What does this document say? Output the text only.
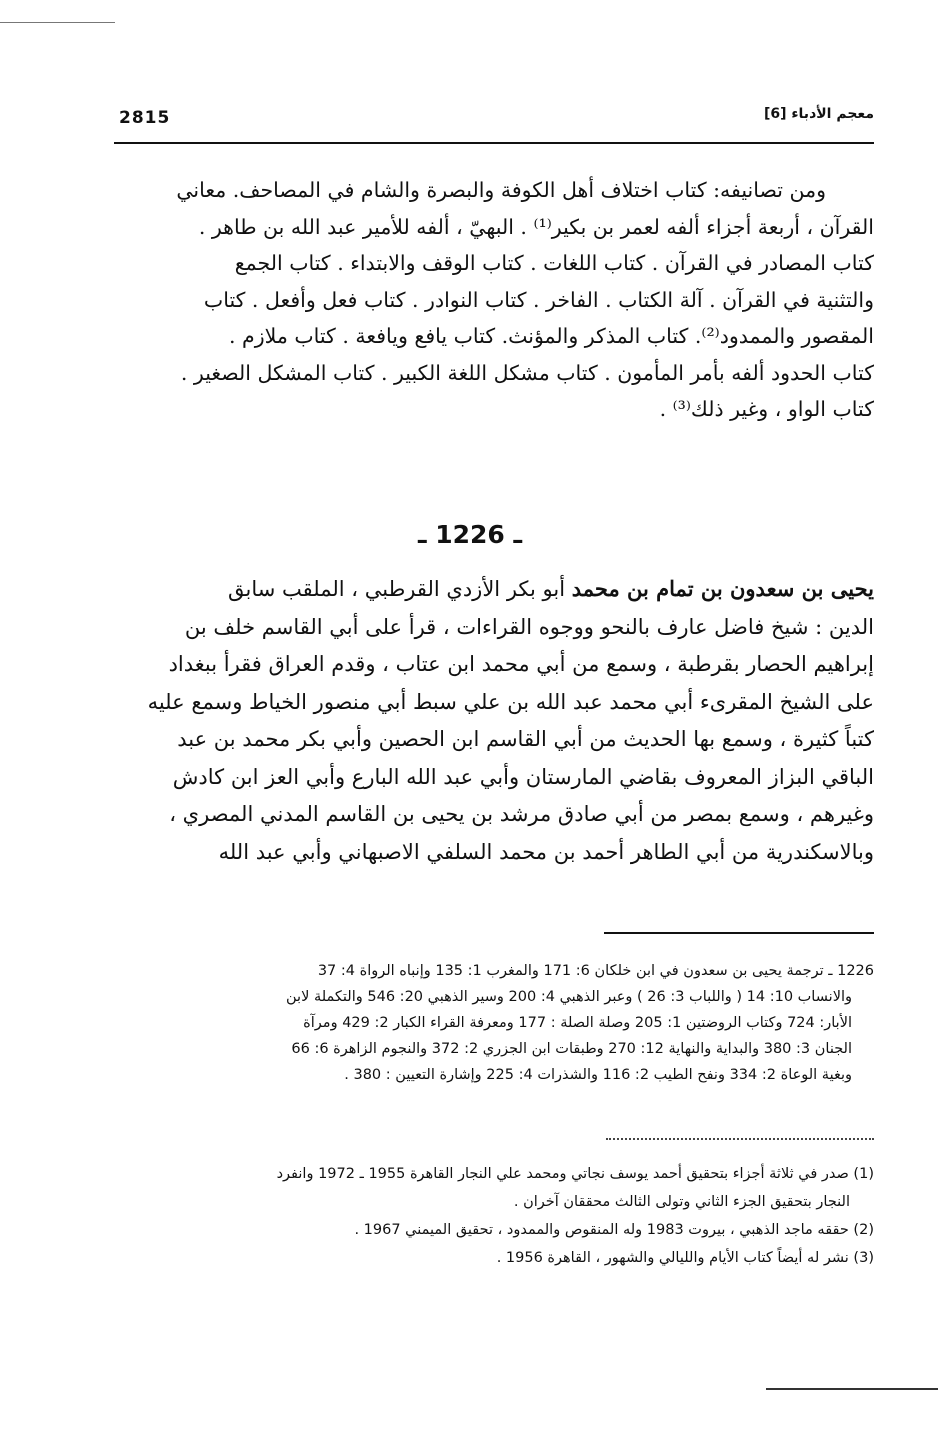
2815	معجم الأدباء [6]
ومن تصانيفه: كتاب اختلاف أهل الكوفة والبصرة والشام في المصاحف. معاني
القرآن ، أربعة أجزاء ألفه لعمر بن بكير⁽¹⁾ . البهيّ ، ألفه للأمير عبد الله بن طاهر .
كتاب المصادر في القرآن . كتاب اللغات . كتاب الوقف والابتداء . كتاب الجمع
والتثنية في القرآن . آلة الكتاب . الفاخر . كتاب النوادر . كتاب فعل وأفعل . كتاب
المقصور والممدود⁽²⁾. كتاب المذكر والمؤنث. كتاب يافع ويافعة . كتاب ملازم .
كتاب الحدود ألفه بأمر المأمون . كتاب مشكل اللغة الكبير . كتاب المشكل الصغير .
كتاب الواو ، وغير ذلك⁽³⁾ .
ـ 1226 ـ
يحيى بن سعدون بن تمام بن محمد أبو بكر الأزدي القرطبي ، الملقب سابق
الدين : شيخ فاضل عارف بالنحو ووجوه القراءات ، قرأ على أبي القاسم خلف بن
إبراهيم الحصار بقرطبة ، وسمع من أبي محمد ابن عتاب ، وقدم العراق فقرأ ببغداد
على الشيخ المقرىء أبي محمد عبد الله بن علي سبط أبي منصور الخياط وسمع عليه
كتباً كثيرة ، وسمع بها الحديث من أبي القاسم ابن الحصين وأبي بكر محمد بن عبد
الباقي البزاز المعروف بقاضي المارستان وأبي عبد الله البارع وأبي العز ابن كادش
وغيرهم ، وسمع بمصر من أبي صادق مرشد بن يحيى بن القاسم المدني المصري ،
وبالاسكندرية من أبي الطاهر أحمد بن محمد السلفي الاصبهاني وأبي عبد الله
1226 ـ ترجمة يحيى بن سعدون في ابن خلكان 6: 171 والمغرب 1: 135 وإنباه الرواة 4: 37
والانساب 10: 14 ( واللباب 3: 26 ) وعبر الذهبي 4: 200 وسير الذهبي 20: 546 والتكملة لابن
الأبار: 724 وكتاب الروضتين 1: 205 وصلة الصلة : 177 ومعرفة القراء الكبار 2: 429 ومرآة
الجنان 3: 380 والبداية والنهاية 12: 270 وطبقات ابن الجزري 2: 372 والنجوم الزاهرة 6: 66
وبغية الوعاة 2: 334 ونفح الطيب 2: 116 والشذرات 4: 225 وإشارة التعيين : 380 .
(1) صدر في ثلاثة أجزاء بتحقيق أحمد يوسف نجاتي ومحمد علي النجار القاهرة 1955 ـ 1972 وانفرد
النجار بتحقيق الجزء الثاني وتولى الثالث محققان آخران .
(2) حققه ماجد الذهبي ، بيروت 1983 وله المنقوص والممدود ، تحقيق الميمني 1967 .
(3) نشر له أيضاً كتاب الأيام والليالي والشهور ، القاهرة 1956 .
